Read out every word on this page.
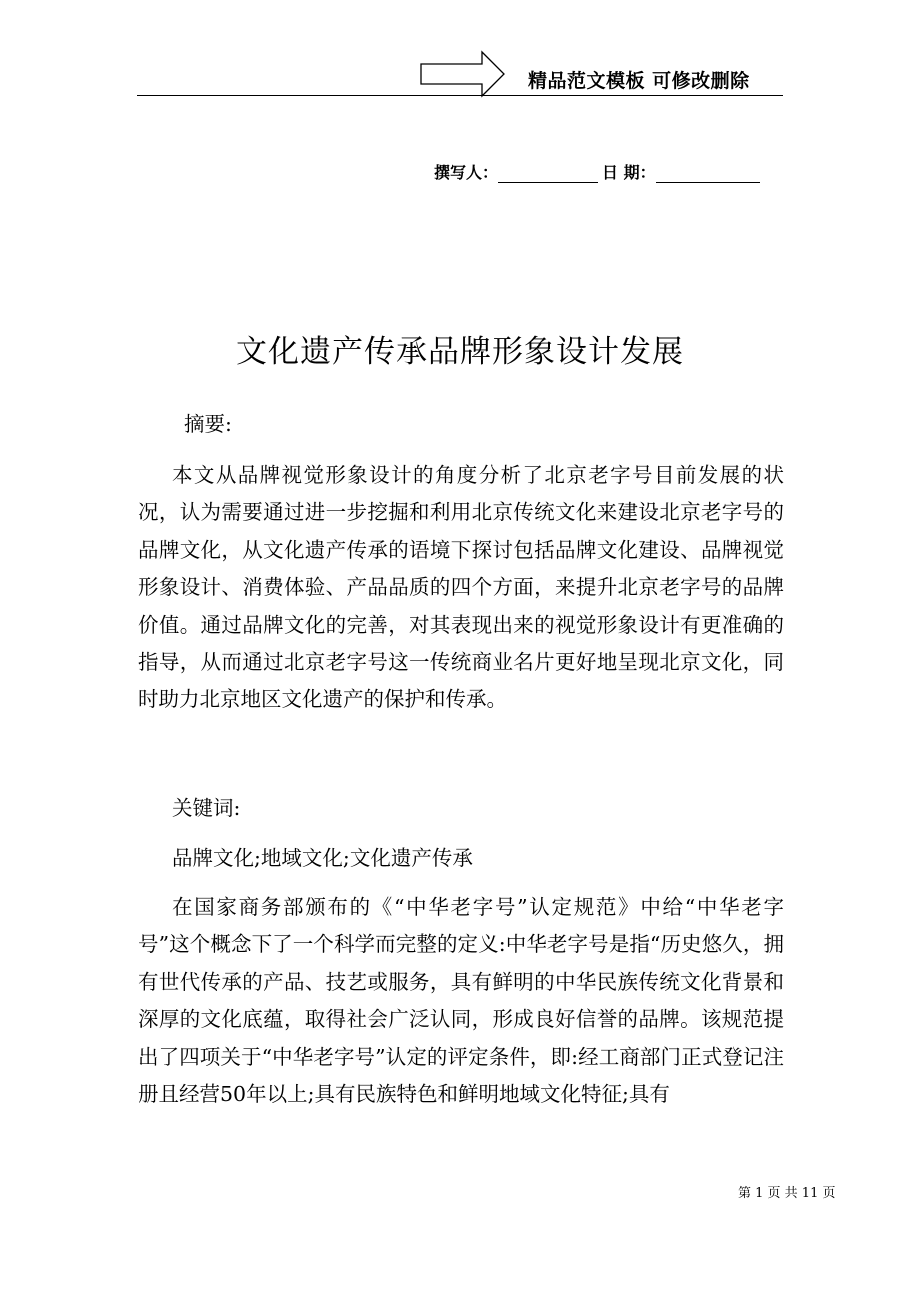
精品范文模板 可修改删除
撰写人：	日 期：
文化遗产传承品牌形象设计发展

摘要:

本文从品牌视觉形象设计的角度分析了北京老字号目前发展的状况，认为需要通过进一步挖掘和利用北京传统文化来建设北京老字号的品牌文化，从文化遗产传承的语境下探讨包括品牌文化建设、品牌视觉形象设计、消费体验、产品品质的四个方面，来提升北京老字号的品牌价值。通过品牌文化的完善，对其表现出来的视觉形象设计有更准确的指导，从而通过北京老字号这一传统商业名片更好地呈现北京文化，同时助力北京地区文化遗产的保护和传承。

关键词:

品牌文化;地域文化;文化遗产传承

在国家商务部颁布的《“中华老字号”认定规范》中给“中华老字号”这个概念下了一个科学而完整的定义:中华老字号是指“历史悠久，拥有世代传承的产品、技艺或服务，具有鲜明的中华民族传统文化背景和深厚的文化底蕴，取得社会广泛认同，形成良好信誉的品牌。该规范提出了四项关于“中华老字号”认定的评定条件，即:经工商部门正式登记注册且经营50年以上;具有民族特色和鲜明地域文化特征;具有

第 1 页 共 11 页
